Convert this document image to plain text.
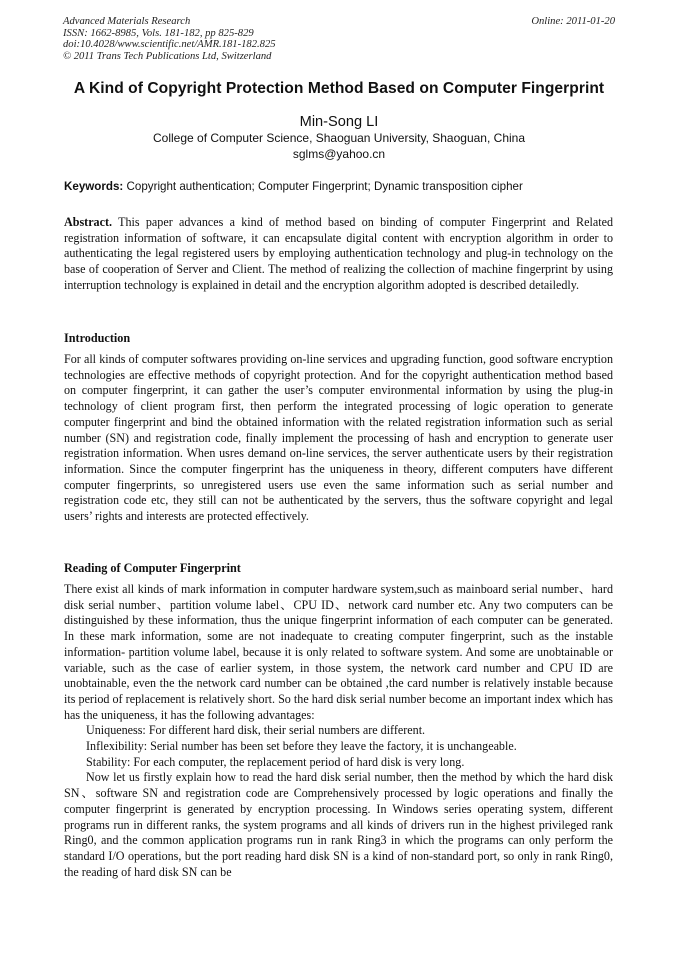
Advanced Materials Research
ISSN: 1662-8985, Vols. 181-182, pp 825-829
doi:10.4028/www.scientific.net/AMR.181-182.825
© 2011 Trans Tech Publications Ltd, Switzerland
Online: 2011-01-20
A Kind of Copyright Protection Method Based on Computer Fingerprint
Min-Song LI
College of Computer Science, Shaoguan University, Shaoguan, China
sglms@yahoo.cn
Keywords: Copyright authentication; Computer Fingerprint; Dynamic transposition cipher
Abstract. This paper advances a kind of method based on binding of computer Fingerprint and Related registration information of software, it can encapsulate digital content with encryption algorithm in order to authenticating the legal registered users by employing authentication technology and plug-in technology on the base of cooperation of Server and Client. The method of realizing the collection of machine fingerprint by using interruption technology is explained in detail and the encryption algorithm adopted is described detailedly.
Introduction
For all kinds of computer softwares providing on-line services and upgrading function, good software encryption technologies are effective methods of copyright protection. And for the copyright authentication method based on computer fingerprint, it can gather the user’s computer environmental information by using the plug-in technology of client program first, then perform the integrated processing of logic operation to generate computer fingerprint and bind the obtained information with the related registration information such as serial number (SN) and registration code, finally implement the processing of hash and encryption to generate user registration information. When usres demand on-line services, the server authenticate users by their registration information. Since the computer fingerprint has the uniqueness in theory, different computers have different computer fingerprints, so unregistered users use even the same information such as serial number and registration code etc, they still can not be authenticated by the servers, thus the software copyright and legal users’ rights and interests are protected effectively.
Reading of Computer Fingerprint

There exist all kinds of mark information in computer hardware system,such as mainboard serial number、hard disk serial number、partition volume label、CPU ID、network card number etc. Any two computers can be distinguished by these information, thus the unique fingerprint information of each computer can be generated. In these mark information, some are not inadequate to creating computer fingerprint, such as the instable information- partition volume label, because it is only related to software system. And some are unobtainable or variable, such as the case of earlier system, in those system, the network card number and CPU ID are unobtainable, even the the network card number can be obtained ,the card number is relatively instable because its period of replacement is relatively short. So the hard disk serial number become an important index which has has the uniqueness, it has the following advantages:

Uniqueness: For different hard disk, their serial numbers are different.

Inflexibility: Serial number has been set before they leave the factory, it is unchangeable.

Stability: For each computer, the replacement period of hard disk is very long.

Now let us firstly explain how to read the hard disk serial number, then the method by which the hard disk SN、software SN and registration code are Comprehensively processed by logic operations and finally the computer fingerprint is generated by encryption processing. In Windows series operating system, different programs run in different ranks, the system programs and all kinds of drivers run in the highest privileged rank Ring0, and the common application programs run in rank Ring3 in which the programs can only perform the standard I/O operations, but the port reading hard disk SN is a kind of non-standard port, so only in rank Ring0, the reading of hard disk SN can be
